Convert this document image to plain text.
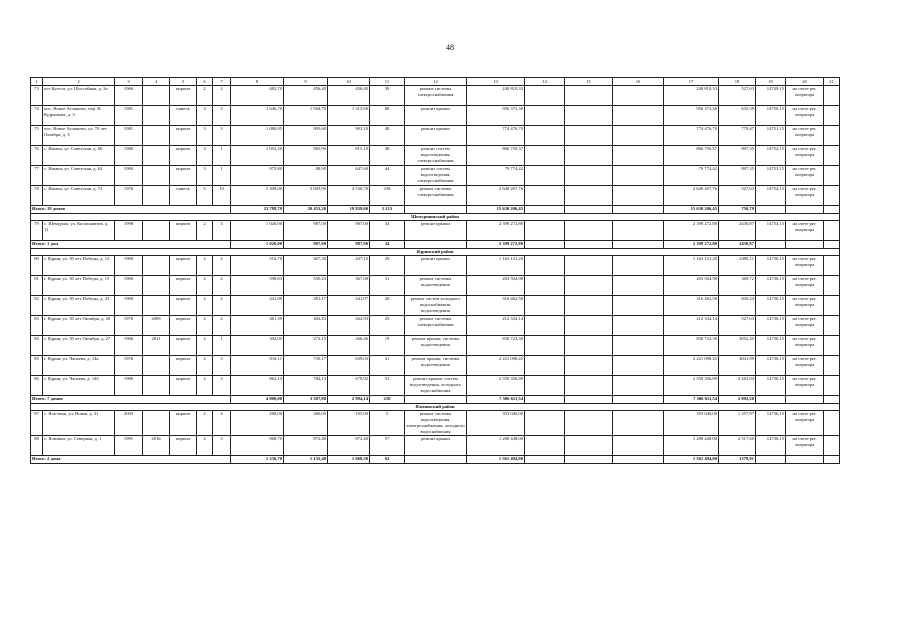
48
1	2	3	4	5	6	7	8	9	10	11	12	13	14	15	16	17	18	19	20	21
73	пгт Кугеси, ул. Шоссейная, д. 3а	1966		кирпич	2	2	482,70	456,40	456,40	39	ремонт системы электроснабжения	240 810,33				240 810,33	527,63	14749,15	на счете рег. оператора	
74	пос. Новое Атлашево, пер. В. Кудряшова, д. 3	1981		панель	3	3	1 646,70	1 504,70	1 315,60	80	ремонт крыши	956 373,30				956 373,30	635,59	14750,15	на счете рег. оператора	
75	пос. Новое Атлашево, ул. 70 лет Октября, д. 3	1981		кирпич	3	3	1 080,85	995,60	903,10	48	ремонт крыши	774 476,70				774 476,70	779,47	14751,15	на счете рег. оператора	
76	с. Ишаки, ул. Советская, д. 60	1980		кирпич	3	1	1 052,20	965,90	815,10	38	ремонт систем водоотведения, электроснабжения	866 750,37				866 750,37	897,35	14752,15	на счете рег. оператора	
77	с. Ишаки, ул. Советская, д. 62	1980		кирпич	3	1	975,80	88,90	647,60	44	ремонт систем водоотведения, электроснабжения	79 774,42				79 774,42	897,35	14753,15	на счете рег. оператора	
78	с. Ишаки, ул. Советская, д. 72	1976		панель	5	10	5 308,00	5 003,90	4 530,70	238	ремонт системы электроснабжения	2 640 207,76				2 640 207,76	527,63	14754,15	на счете рег. оператора	
Итого: 19 домов							23 788,70	20 453,20	19 839,00	1 213		15 630 206,45				15 630 206,45	756,79			
Шемуршинский район																				
79	с. Шемурша, ул. Космонавтов, д. 11	1998		кирпич	2	3	1 026,00	987,00	987,00	34	ремонт крыши	2 399 272,80				2 399 272,80	2430,87	14754,15	на счете рег. оператора	
Итого: 1 дом							1 026,00	987,00	987,00	34		2 399 272,80				2 399 272,80	2430,87			
Ядринский район																				
80	г. Ядрин, ул. 30 лет Победы, д. 13	1968		кирпич	2	2	516,70	467,30	437,15	29	ремонт крыши	1 163 131,20				1 163 131,20	2490,11	14736,15	на счете рег. оператора	
81	г. Ядрин, ул. 30 лет Победы, д. 15	1968		кирпич	2	2	598,83	550,43	367,08	31	ремонт системы водоотведения	203 504,98				203 504,98	369,72	14736,15	на счете рег. оператора	
82	г. Ядрин, ул. 30 лет Победы, д. 23	1968		кирпич	2	2	441,89	381,17	341,97	20	ремонт систем холодного водоснабжения, водоотведения	316 462,58				316 462,58	830,24	14736,15	на счете рег. оператора	
83	г. Ядрин, ул. 50 лет Октября, д. 20	1970	2009	кирпич	2	2	461,39	402,43	262,93	25	ремонт системы электроснабжения	212 334,14				212 334,14	527,63	14736,15	на счете рег. оператора	
84	г. Ядрин, ул. 50 лет Октября, д. 27	1966	2011	кирпич	2	1	302,95	272,15	266,46	19	ремонт крыши, системы водоотведения	830 723,30				830 723,30	3052,45	14736,15	на счете рег. оператора	
85	г. Ядрин, ул. Чапаева, д. 14а	1976		кирпич	2	3	816,11	730,17	639,03	41	ремонт крыши, системы водоотведения	2 221 098,45				2 221 098,45	3041,89	14736,15	на счете рег. оператора	
86	г. Ядрин, ул. Чапаева, д. 14б	1980		кирпич	2	3	862,13	784,13	679,92	53	ремонт крыши, систем водоотведения, холодного водоснабжения	2 559 356,89				2 559 356,89	3 263,94	14736,15	на счете рег. оператора	
Итого: 7 домов							4 000,00	3 587,88	2 994,14	218		7 506 611,54				7 506 611,54	2 092,20			
Яльчикский район																				
87	с. Яль-ьчик, ул. Новая, д. 21	2003		кирпич	2	4	268,00	260,00	195,00	5	ремонт системы водоотведения, электроснабжения, холодного водоснабжения	353 046,00				353 046,00	1 357,87	14736,15	на счете рег. оператора	
88	с. Яльчики, ул. Северная, д. 1	1991	2016	кирпич	2	3	968,70	872,40	872,40	57	ремонт крыши	1 208 448,00				1 208 448,00	2 517,60	14736,15	на счете рег. оператора	
Итого: 2 дома							1 236,70	1 132,40	1 068,30	62		1 561 494,00				1 561 494,00	1378,91			
